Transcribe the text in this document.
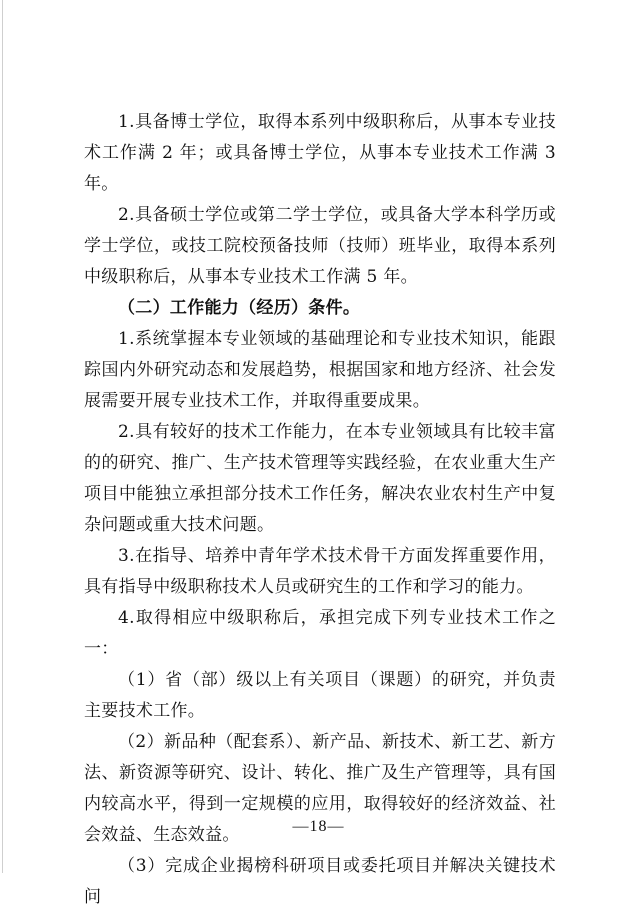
1.具备博士学位，取得本系列中级职称后，从事本专业技术工作满 2 年；或具备博士学位，从事本专业技术工作满 3 年。

2.具备硕士学位或第二学士学位，或具备大学本科学历或学士学位，或技工院校预备技师（技师）班毕业，取得本系列中级职称后，从事本专业技术工作满 5 年。

（二）工作能力（经历）条件。

1.系统掌握本专业领域的基础理论和专业技术知识，能跟踪国内外研究动态和发展趋势，根据国家和地方经济、社会发展需要开展专业技术工作，并取得重要成果。

2.具有较好的技术工作能力，在本专业领域具有比较丰富的的研究、推广、生产技术管理等实践经验，在农业重大生产项目中能独立承担部分技术工作任务，解决农业农村生产中复杂问题或重大技术问题。

3.在指导、培养中青年学术技术骨干方面发挥重要作用，具有指导中级职称技术人员或研究生的工作和学习的能力。

4.取得相应中级职称后，承担完成下列专业技术工作之一：

（1）省（部）级以上有关项目（课题）的研究，并负责主要技术工作。

（2）新品种（配套系）、新产品、新技术、新工艺、新方法、新资源等研究、设计、转化、推广及生产管理等，具有国内较高水平，得到一定规模的应用，取得较好的经济效益、社会效益、生态效益。

（3）完成企业揭榜科研项目或委托项目并解决关键技术问

—18—
